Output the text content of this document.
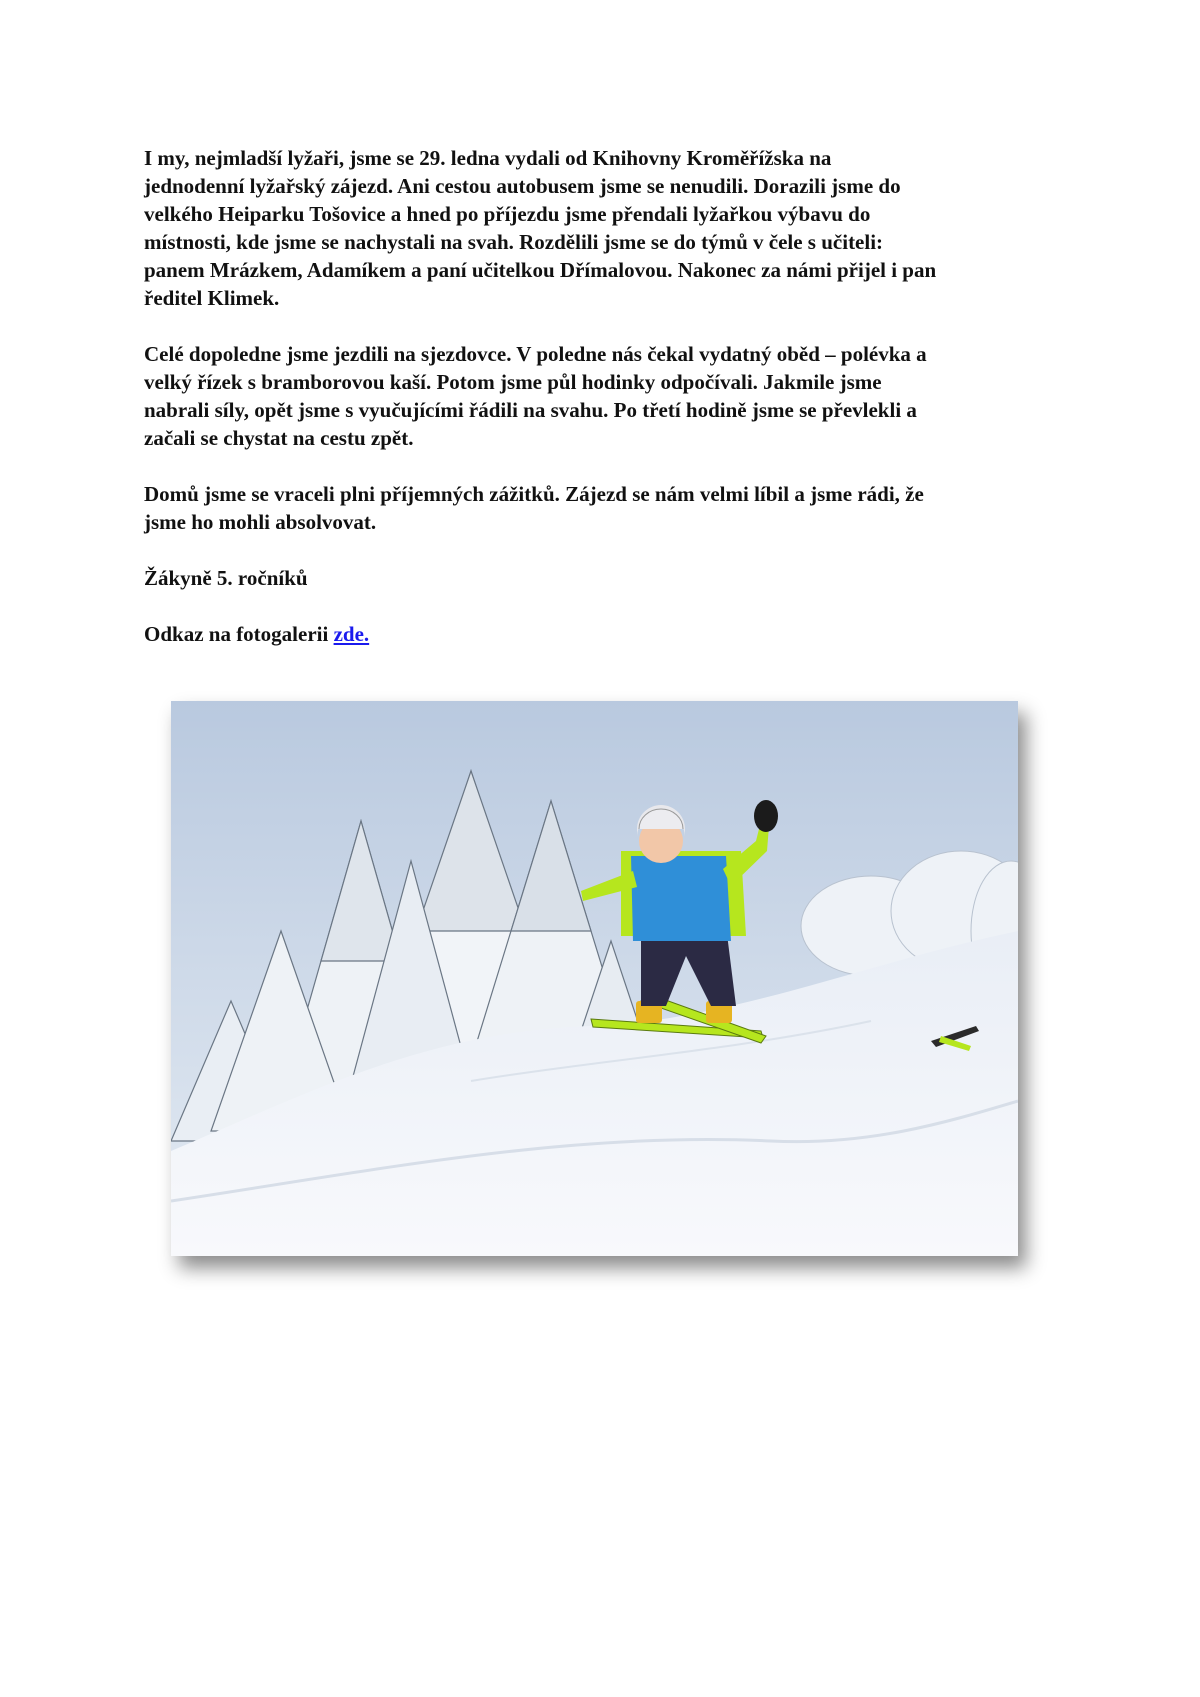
I my, nejmladší lyžaři, jsme se 29. ledna vydali od Knihovny Kroměřížska na
jednodenní lyžařský zájezd. Ani cestou autobusem jsme se nenudili. Dorazili jsme do
velkého Heiparku Tošovice a hned po příjezdu jsme přendali lyžařkou výbavu do
místnosti, kde jsme se nachystali na svah. Rozdělili jsme se do týmů v čele s učiteli:
panem Mrázkem, Adamíkem a paní učitelkou Dřímalovou. Nakonec za námi přijel i pan
ředitel Klimek.

Celé dopoledne jsme jezdili na sjezdovce. V poledne nás čekal vydatný oběd – polévka a
velký řízek s bramborovou kaší. Potom jsme půl hodinky odpočívali. Jakmile jsme
nabrali síly, opět jsme s vyučujícími řádili na svahu. Po třetí hodině jsme se převlekli a
začali se chystat na cestu zpět.

Domů jsme se vraceli plni příjemných zážitků. Zájezd se nám velmi líbil a jsme rádi, že
jsme ho mohli absolvovat.

Žákyně 5. ročníků

Odkaz na fotogalerii zde.
